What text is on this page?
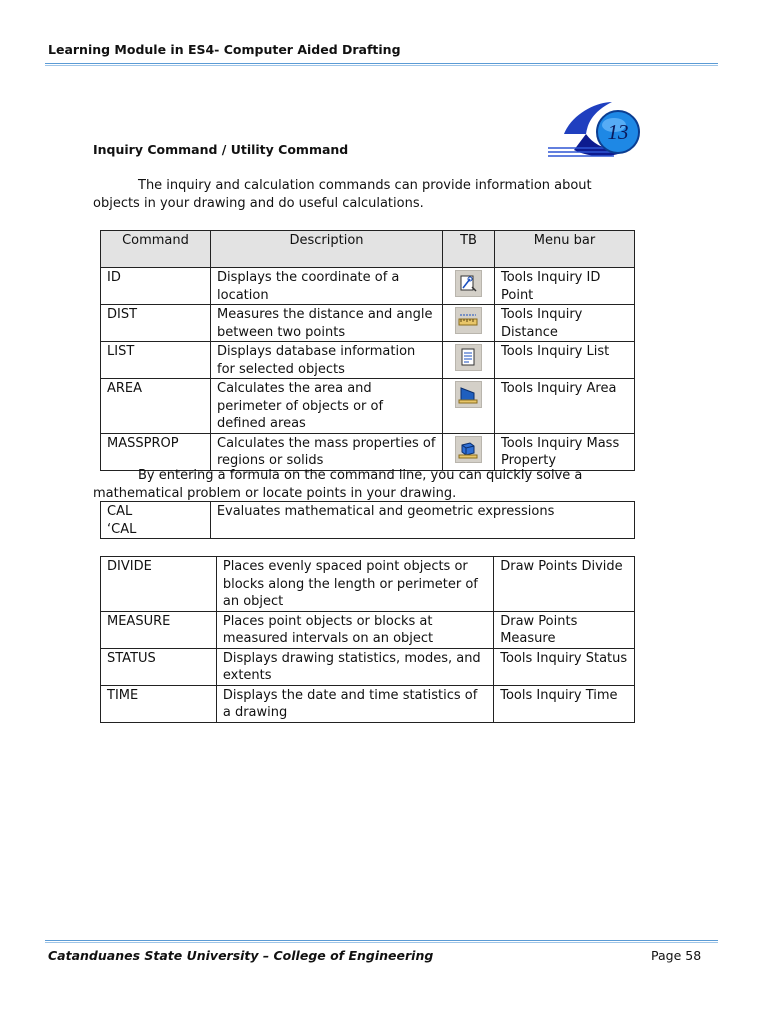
Learning Module in ES4- Computer Aided Drafting
13
Inquiry Command / Utility Command

The inquiry and calculation commands can provide information about objects in your drawing and do useful calculations.

Command	Description	TB	Menu bar
ID	Displays the coordinate of a location		Tools Inquiry ID Point
DIST	Measures the distance and angle between two points		Tools Inquiry Distance
LIST	Displays database information for selected objects		Tools Inquiry List
AREA	Calculates the area and perimeter of objects or of defined areas		Tools Inquiry Area
MASSPROP	Calculates the mass properties of regions or solids		Tools Inquiry Mass Property

By entering a formula on the command line, you can quickly solve a mathematical problem or locate points in your drawing.

CAL
‘CAL	Evaluates mathematical and geometric expressions
DIVIDE	Places evenly spaced point objects or blocks along the length or perimeter of an object	Draw Points Divide
MEASURE	Places point objects or blocks at measured intervals on an object	Draw Points Measure
STATUS	Displays drawing statistics, modes, and extents	Tools Inquiry Status
TIME	Displays the date and time statistics of a drawing	Tools Inquiry Time
Catanduanes State University – College of Engineering	Page 58
